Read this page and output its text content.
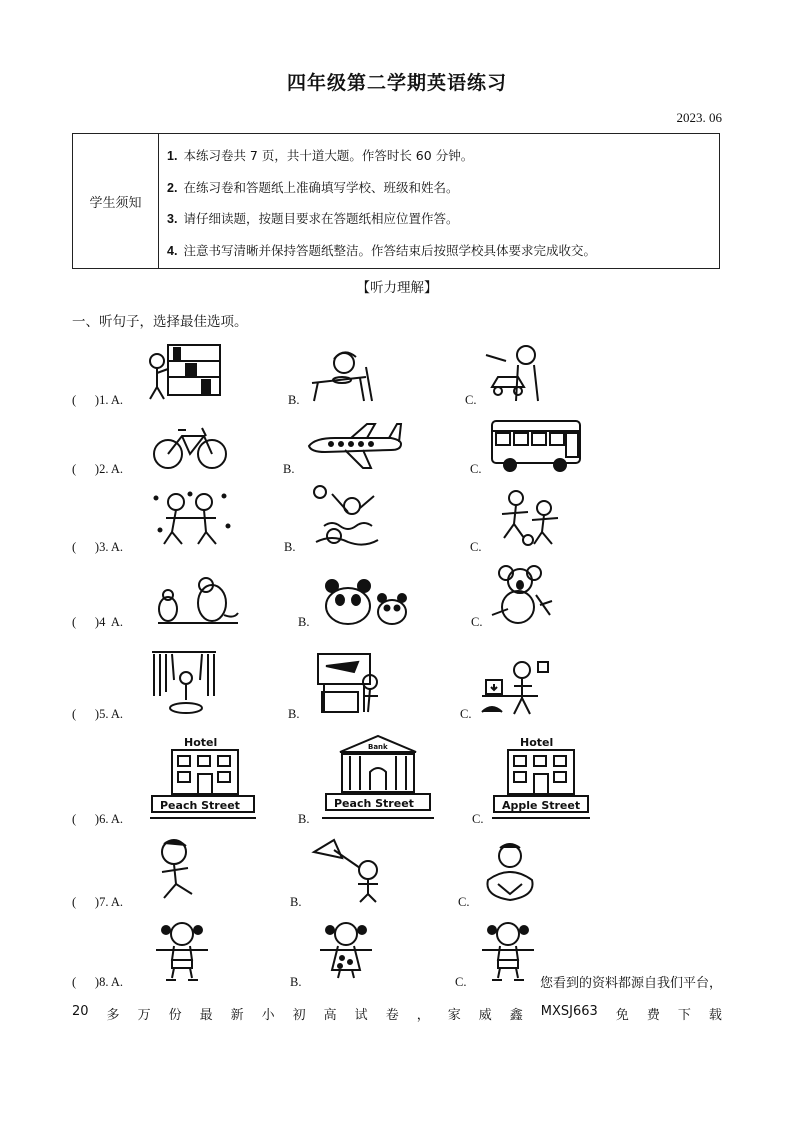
四年级第二学期英语练习
2023. 06
学生须知
1. 本练习卷共 7 页，共十道大题。作答时长 60 分钟。
2. 在练习卷和答题纸上准确填写学校、班级和姓名。
3. 请仔细读题，按题目要求在答题纸相应位置作答。
4. 注意书写清晰并保持答题纸整洁。作答结束后按照学校具体要求完成收交。
【听力理解】
一、听句子，选择最佳选项。
(      )1. A.	B.	C.
(      )2. A.	B.	C.
(      )3. A.	B.	C.
(      )4  A.	B.	C.
(      )5. A.	B.	C.
(      )6. A.	B.	C.
Hotel
Peach Street
Bank
Peach Street
Hotel
Apple Street
(      )7. A.	B.	C.
(      )8. A.	B.	C.	您看到的资料都源自我们平台，
20 多 万 份 最 新 小 初 高 试 卷 ， 家 威 鑫 MXSJ663 免 费 下 载
